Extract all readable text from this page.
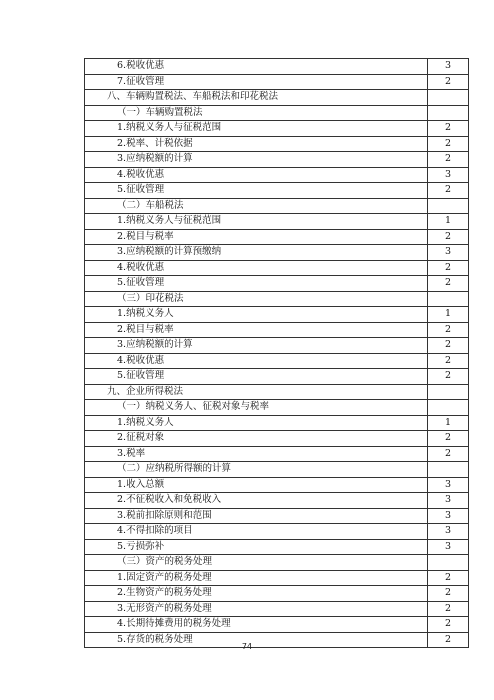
6.税收优惠	3
7.征收管理	2
八、车辆购置税法、车船税法和印花税法	
（一）车辆购置税法	
1.纳税义务人与征税范围	2
2.税率、计税依据	2
3.应纳税额的计算	2
4.税收优惠	3
5.征收管理	2
（二）车船税法	
1.纳税义务人与征税范围	1
2.税目与税率	2
3.应纳税额的计算预缴纳	3
4.税收优惠	2
5.征收管理	2
（三）印花税法	
1.纳税义务人	1
2.税目与税率	2
3.应纳税额的计算	2
4.税收优惠	2
5.征收管理	2
九、企业所得税法	
（一）纳税义务人、征税对象与税率	
1.纳税义务人	1
2.征税对象	2
3.税率	2
（二）应纳税所得额的计算	
1.收入总额	3
2.不征税收入和免税收入	3
3.税前扣除原则和范围	3
4.不得扣除的项目	3
5.亏损弥补	3
（三）资产的税务处理	
1.固定资产的税务处理	2
2.生物资产的税务处理	2
3.无形资产的税务处理	2
4.长期待摊费用的税务处理	2
5.存货的税务处理	2
74
